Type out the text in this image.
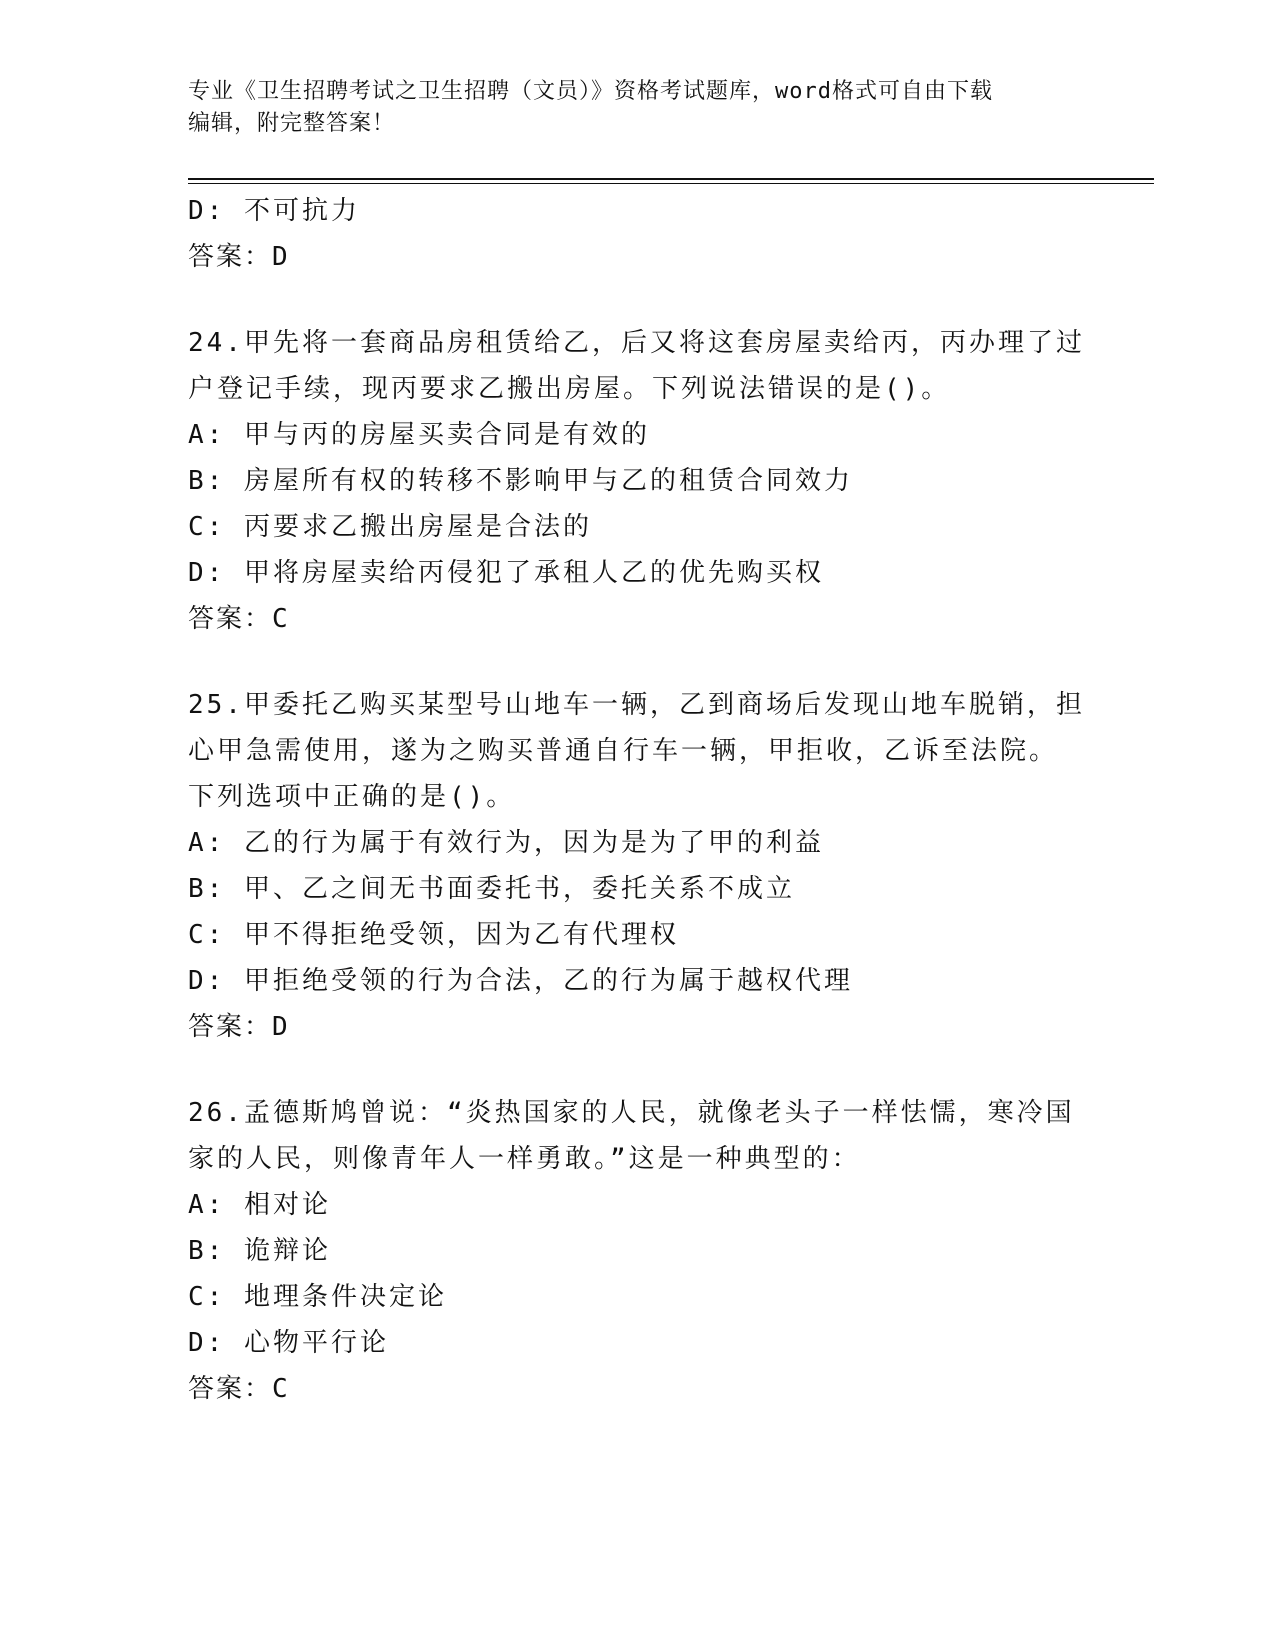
专业《卫生招聘考试之卫生招聘（文员）》资格考试题库，word格式可自由下载
编辑，附完整答案！
D: 不可抗力
答案：D
24.甲先将一套商品房租赁给乙，后又将这套房屋卖给丙，丙办理了过
户登记手续，现丙要求乙搬出房屋。下列说法错误的是()。
A: 甲与丙的房屋买卖合同是有效的
B: 房屋所有权的转移不影响甲与乙的租赁合同效力
C: 丙要求乙搬出房屋是合法的
D: 甲将房屋卖给丙侵犯了承租人乙的优先购买权
答案：C
25.甲委托乙购买某型号山地车一辆，乙到商场后发现山地车脱销，担
心甲急需使用，遂为之购买普通自行车一辆，甲拒收，乙诉至法院。
下列选项中正确的是()。
A: 乙的行为属于有效行为，因为是为了甲的利益
B: 甲、乙之间无书面委托书，委托关系不成立
C: 甲不得拒绝受领，因为乙有代理权
D: 甲拒绝受领的行为合法，乙的行为属于越权代理
答案：D
26.孟德斯鸠曾说：“炎热国家的人民，就像老头子一样怯懦，寒冷国
家的人民，则像青年人一样勇敢。”这是一种典型的：
A: 相对论
B: 诡辩论
C: 地理条件决定论
D: 心物平行论
答案：C
